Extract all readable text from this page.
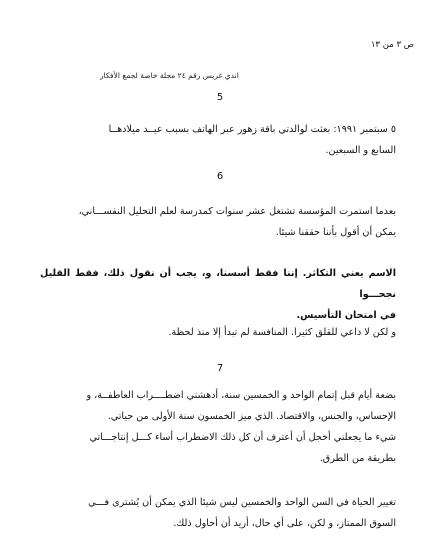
ص ٣ من ١٣
اندي غريس رقم ٢٤ مجلة خاصة لجمع الأفكار
5

٥ سبتمبر ١٩٩١: بعثت لوالدتي باقة زهور عبر الهاتف بسبب عيــد ميلادهــا

السابع و السبعين.

6

بعدما استمرت المؤسسة تشتغل عشر سنوات كمدرسة لعلم التحليل النفســـاني،

يمكن أن أقول بأننا حققنا شيئا.

الاسم يعني التكاثر. إننا فقط أسسنا، و، يجب أن نقول ذلك، فقط القليل نجحـــوا

في امتحان التأسيس.

و لكن لا داعي للقلق كثيرا. المنافسة لم تبدأ إلا منذ لحظة.

7

بضعة أيام قبل إتمام الواحد و الخمسين سنة، أدهشني اضطــــراب العاطفــة، و

الإحساس، والجنس، والاقتصاد. الذي ميز الخمسون سنة الأولى من حياتي.

شيء ما يجعلني أخجل أن أعترف أن كل ذلك الاضطراب أساء كـــل إنتاجـــاتي

بطريقة من الطرق.

تغيير الحياة في السن الواحد والخمسين ليس شيئا الذي يمكن أن يُشترى فـــي

السوق الممتاز، و لكن، على أي حال، أريد أن أحاول ذلك.
